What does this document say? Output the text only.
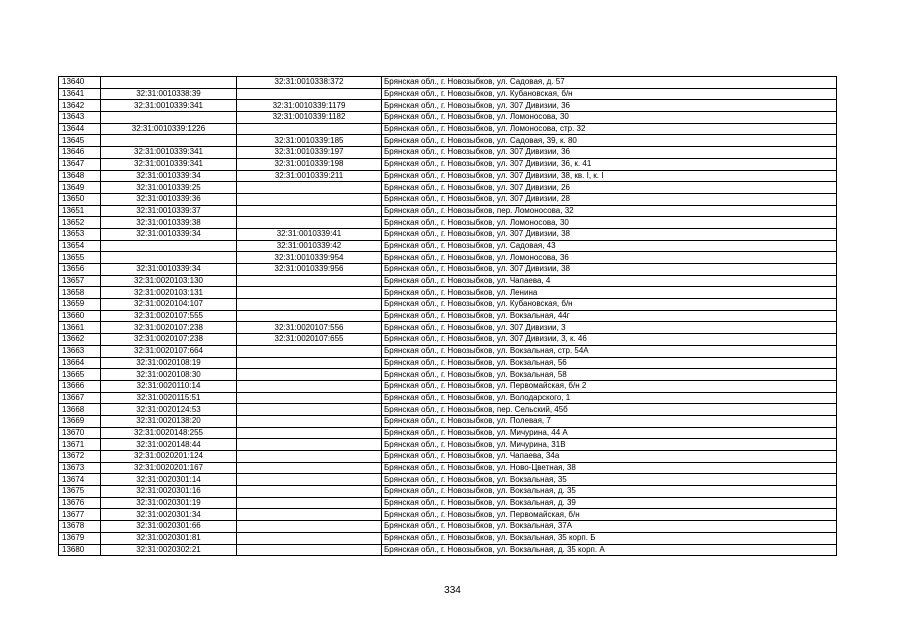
13640		32:31:0010338:372	Брянская обл., г. Новозыбков, ул. Садовая, д. 57
13641	32:31:0010338:39		Брянская обл., г. Новозыбков, ул. Кубановская, б/н
13642	32:31:0010339:341	32:31:0010339:1179	Брянская обл., г. Новозыбков, ул. 307 Дивизии, 36
13643		32:31:0010339:1182	Брянская обл., г. Новозыбков, ул. Ломоносова, 30
13644	32:31:0010339:1226		Брянская обл., г. Новозыбков, ул. Ломоносова, стр. 32
13645		32:31:0010339:185	Брянская обл., г. Новозыбков, ул. Садовая, 39, к. 80
13646	32:31:0010339:341	32:31:0010339:197	Брянская обл., г. Новозыбков, ул. 307 Дивизии, 36
13647	32:31:0010339:341	32:31:0010339:198	Брянская обл., г. Новозыбков, ул. 307 Дивизии, 36, к. 41
13648	32:31:0010339:34	32:31:0010339:211	Брянская обл., г. Новозыбков, ул. 307 Дивизии, 38, кв. I, к. I
13649	32:31:0010339:25		Брянская обл., г. Новозыбков, ул. 307 Дивизии, 26
13650	32:31:0010339:36		Брянская обл., г. Новозыбков, ул. 307 Дивизии, 28
13651	32:31:0010339:37		Брянская обл., г. Новозыбков, пер. Ломоносова, 32
13652	32:31:0010339:38		Брянская обл., г. Новозыбков, ул. Ломоносова, 30
13653	32:31:0010339:34	32:31:0010339:41	Брянская обл., г. Новозыбков, ул. 307 Дивизии, 38
13654		32:31:0010339:42	Брянская обл., г. Новозыбков, ул. Садовая, 43
13655		32:31:0010339:954	Брянская обл., г. Новозыбков, ул. Ломоносова, 36
13656	32:31:0010339:34	32:31:0010339:956	Брянская обл., г. Новозыбков, ул. 307 Дивизии, 38
13657	32:31:0020103:130		Брянская обл., г. Новозыбков, ул. Чапаева, 4
13658	32:31:0020103:131		Брянская обл., г. Новозыбков, ул. Ленина
13659	32:31:0020104:107		Брянская обл., г. Новозыбков, ул. Кубановская, б/н
13660	32:31:0020107:555		Брянская обл., г. Новозыбков, ул. Вокзальная, 44г
13661	32:31:0020107:238	32:31:0020107:556	Брянская обл., г. Новозыбков, ул. 307 Дивизии, 3
13662	32:31:0020107:238	32:31:0020107:655	Брянская обл., г. Новозыбков, ул. 307 Дивизии, 3, к. 46
13663	32:31:0020107:664		Брянская обл., г. Новозыбков, ул. Вокзальная, стр. 54А
13664	32:31:0020108:19		Брянская обл., г. Новозыбков, ул. Вокзальная, 56
13665	32:31:0020108:30		Брянская обл., г. Новозыбков, ул. Вокзальная, 58
13666	32:31:0020110:14		Брянская обл., г. Новозыбков, ул. Первомайская, б/н 2
13667	32:31:0020115:51		Брянская обл., г. Новозыбков, ул. Володарского, 1
13668	32:31:0020124:53		Брянская обл., г. Новозыбков, пер. Сельский, 45б
13669	32:31:0020138:20		Брянская обл., г. Новозыбков, ул. Полевая, 7
13670	32:31:0020148:255		Брянская обл., г. Новозыбков, ул. Мичурина, 44 А
13671	32:31:0020148:44		Брянская обл., г. Новозыбков, ул. Мичурина, 31В
13672	32:31:0020201:124		Брянская обл., г. Новозыбков, ул. Чапаева, 34а
13673	32:31:0020201:167		Брянская обл., г. Новозыбков, ул. Ново-Цветная, 38
13674	32:31:0020301:14		Брянская обл., г. Новозыбков, ул. Вокзальная, 35
13675	32:31:0020301:16		Брянская обл., г. Новозыбков, ул. Вокзальная, д. 35
13676	32:31:0020301:19		Брянская обл., г. Новозыбков, ул. Вокзальная, д. 39
13677	32:31:0020301:34		Брянская обл., г. Новозыбков, ул. Первомайская, б/н
13678	32:31:0020301:66		Брянская обл., г. Новозыбков, ул. Вокзальная, 37А
13679	32:31:0020301:81		Брянская обл., г. Новозыбков, ул. Вокзальная, 35 корп. Б
13680	32:31:0020302:21		Брянская обл., г. Новозыбков, ул. Вокзальная, д. 35 корп. А
334
